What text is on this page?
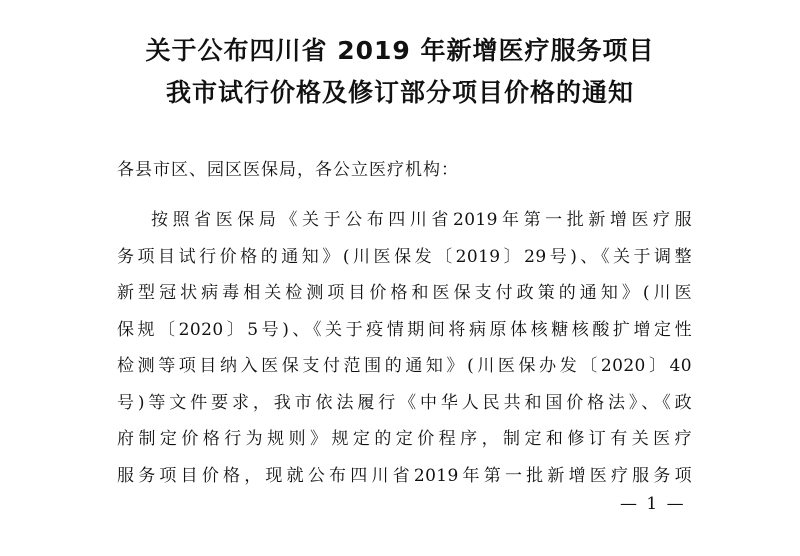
关于公布四川省 2019 年新增医疗服务项目
我市试行价格及修订部分项目价格的通知
各县市区、园区医保局，各公立医疗机构：
按照省医保局《关于公布四川省2019年第一批新增医疗服
务项目试行价格的通知》(川医保发〔2019〕29号)、《关于调整
新型冠状病毒相关检测项目价格和医保支付政策的通知》(川医
保规〔2020〕5号)、《关于疫情期间将病原体核糖核酸扩增定性
检测等项目纳入医保支付范围的通知》(川医保办发〔2020〕40
号)等文件要求，我市依法履行《中华人民共和国价格法》、《政
府制定价格行为规则》规定的定价程序，制定和修订有关医疗
服务项目价格，现就公布四川省2019年第一批新增医疗服务项
— 1 —
